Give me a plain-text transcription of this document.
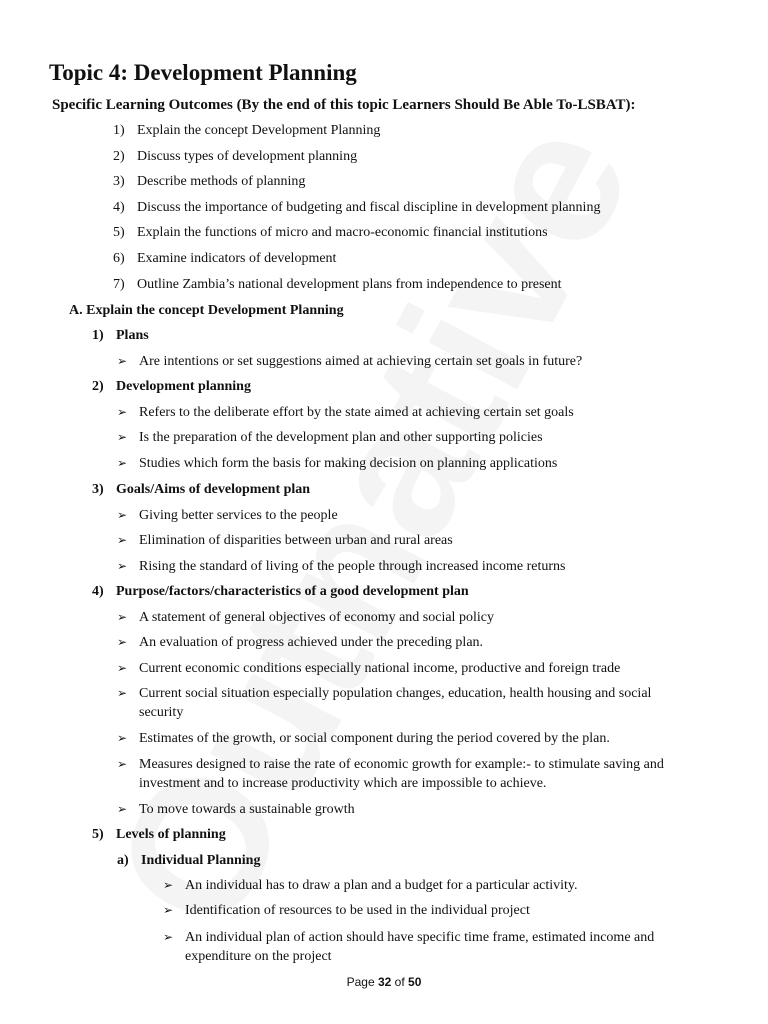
Topic 4: Development Planning

Specific Learning Outcomes (By the end of this topic Learners Should Be Able To-LSBAT):

1) Explain the concept Development Planning
2) Discuss types of development planning
3) Describe methods of planning
4) Discuss the importance of budgeting and fiscal discipline in development planning
5) Explain the functions of micro and macro-economic financial institutions
6) Examine indicators of development
7) Outline Zambia’s national development plans from independence to present
A. Explain the concept Development Planning
1) Plans
➢ Are intentions or set suggestions aimed at achieving certain set goals in future?
2) Development planning
➢ Refers to the deliberate effort by the state aimed at achieving certain set goals
➢ Is the preparation of the development plan and other supporting policies
➢ Studies which form the basis for making decision on planning applications
3) Goals/Aims of development plan
➢ Giving better services to the people
➢ Elimination of disparities between urban and rural areas
➢ Rising the standard of living of the people through increased income returns
4) Purpose/factors/characteristics of a good development plan
➢ A statement of general objectives of economy and social policy
➢ An evaluation of progress achieved under the preceding plan.
➢ Current economic conditions especially national income, productive and foreign trade
➢ Current social situation especially population changes, education, health housing and social
security
➢ Estimates of the growth, or social component during the period covered by the plan.
➢ Measures designed to raise the rate of economic growth for example:- to stimulate saving and
investment and to increase productivity which are impossible to achieve.
➢ To move towards a sustainable growth
5) Levels of planning
a) Individual Planning
➢ An individual has to draw a plan and a budget for a particular activity.
➢ Identification of resources to be used in the individual project
➢ An individual plan of action should have specific time frame, estimated income and
expenditure on the project
Page 32 of 50
